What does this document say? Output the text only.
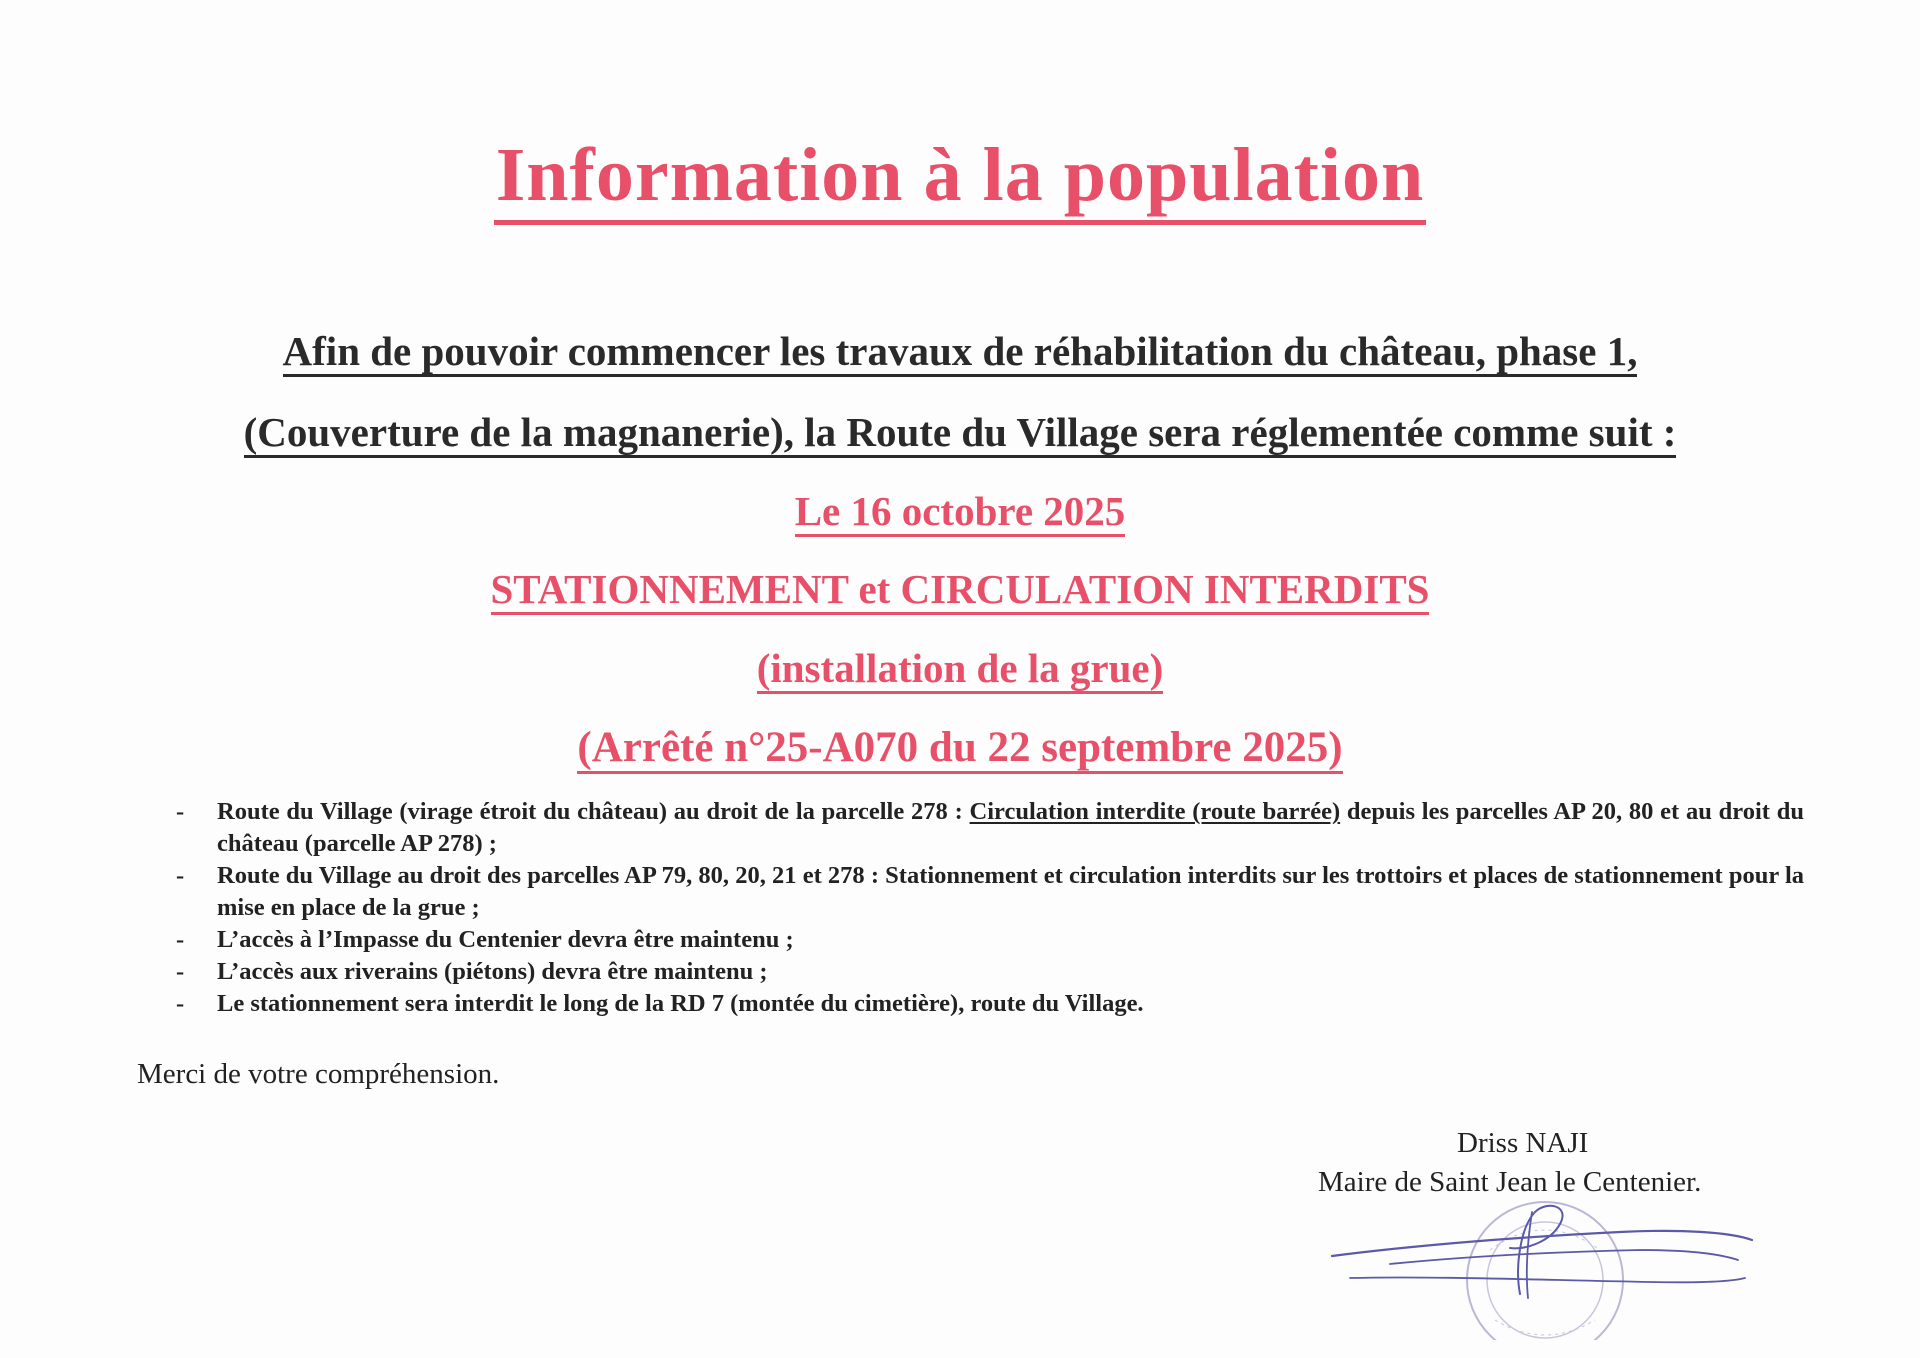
Information à la population
Afin de pouvoir commencer les travaux de réhabilitation du château, phase 1,
(Couverture de la magnanerie), la Route du Village sera réglementée comme suit :
Le 16 octobre 2025
STATIONNEMENT et CIRCULATION INTERDITS
(installation de la grue)
(Arrêté n°25-A070 du 22 septembre 2025)
- Route du Village (virage étroit du château) au droit de la parcelle 278 : Circulation interdite (route barrée) depuis les parcelles AP 20, 80 et au droit du château (parcelle AP 278) ;
- Route du Village au droit des parcelles AP 79, 80, 20, 21 et 278 : Stationnement et circulation interdits sur les trottoirs et places de stationnement pour la mise en place de la grue ;
- L’accès à l’Impasse du Centenier devra être maintenu ;
- L’accès aux riverains (piétons) devra être maintenu ;
- Le stationnement sera interdit le long de la RD 7 (montée du cimetière), route du Village.
Merci de votre compréhension.
Driss NAJI
Maire de Saint Jean le Centenier.
